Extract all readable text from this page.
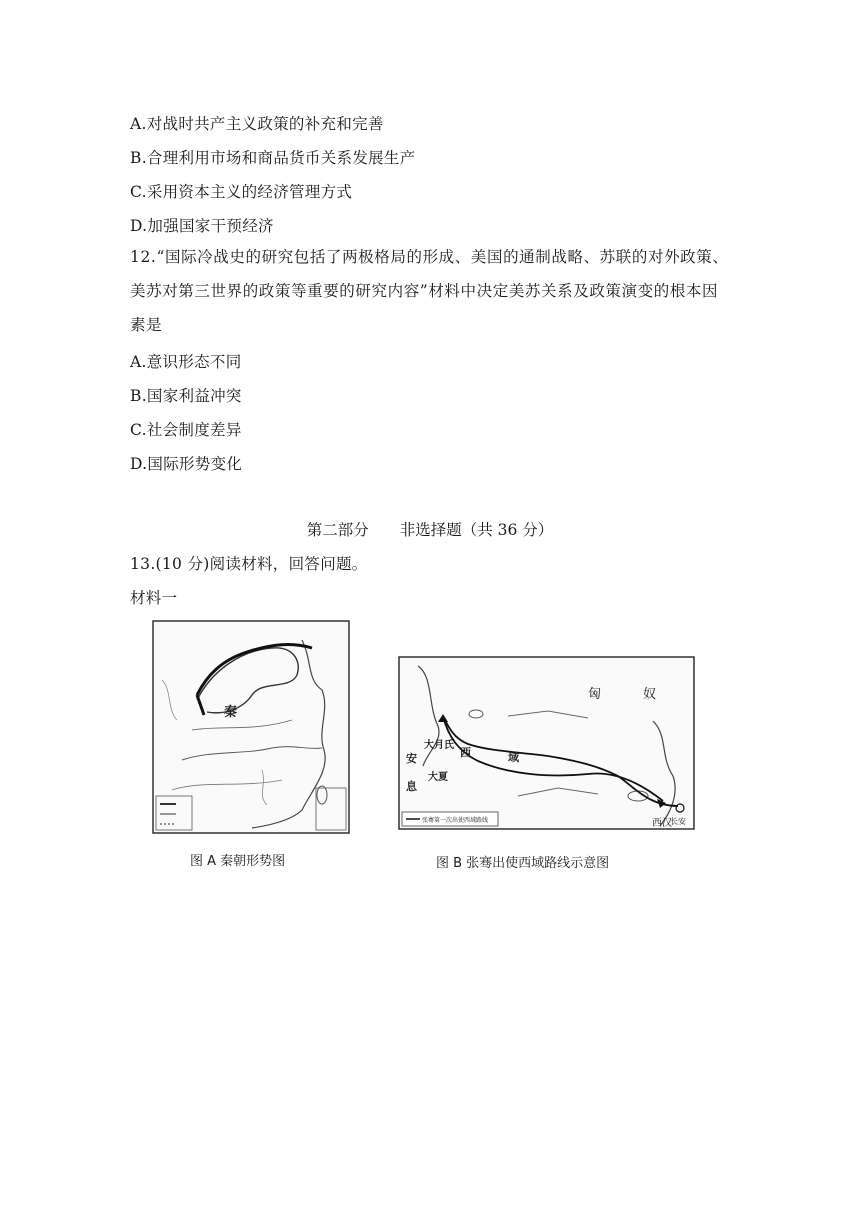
A.对战时共产主义政策的补充和完善
B.合理利用市场和商品货币关系发展生产
C.采用资本主义的经济管理方式
D.加强国家干预经济
12.“国际冷战史的研究包括了两极格局的形成、美国的通制战略、苏联的对外政策、美苏对第三世界的政策等重要的研究内容”材料中决定美苏关系及政策演变的根本因素是
A.意识形态不同
B.国家利益冲突
C.社会制度差异
D.国际形势变化
第二部分　　非选择题（共 36 分）
13.(10 分)阅读材料，回答问题。
材料一
秦
图 A 秦朝形势图
张骞第一次出使西域路线
匈	奴
西	域
大月氏
大夏
安
息
长安
西汉
图 B 张骞出使西域路线示意图
